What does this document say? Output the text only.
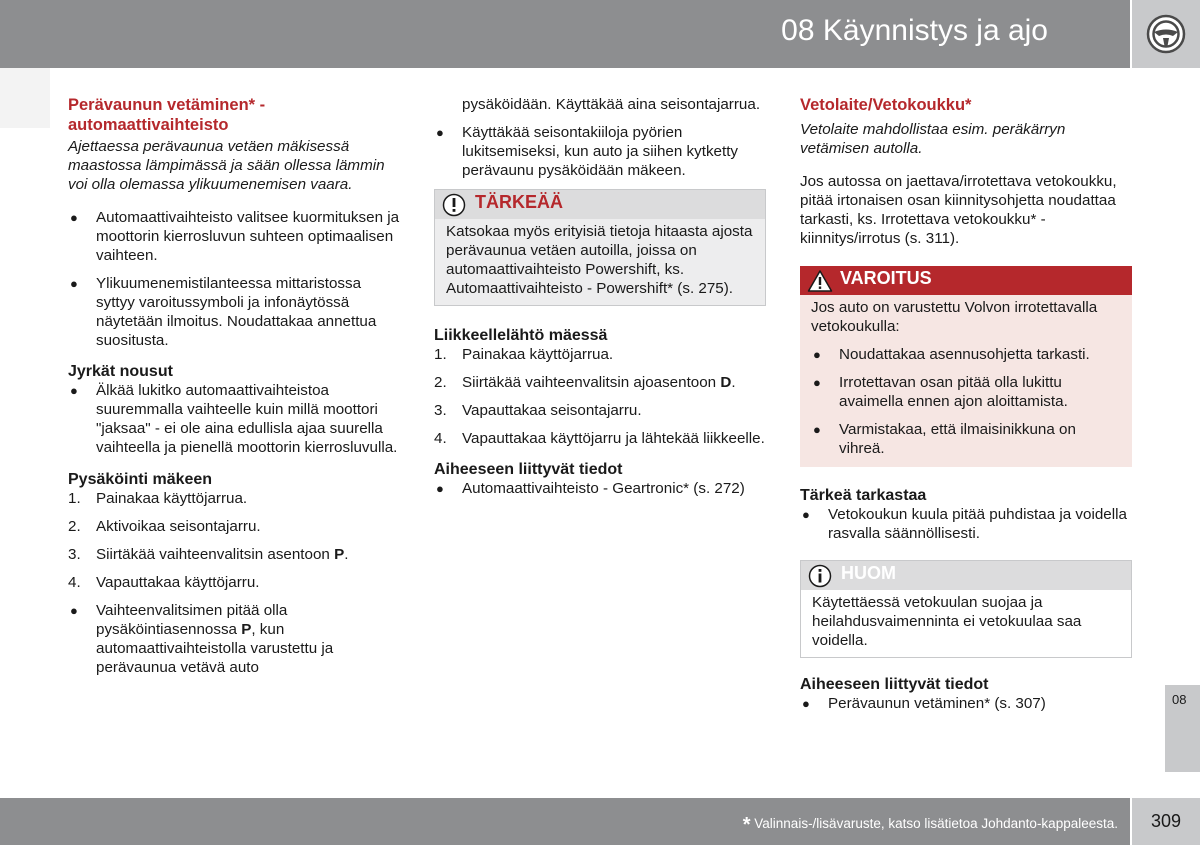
08 Käynnistys ja ajo

Perävaunun vetäminen* - automaattivaihteisto

Ajettaessa perävaunua vetäen mäkisessä maastossa lämpimässä ja sään ollessa lämmin voi olla olemassa ylikuumenemisen vaara.

● Automaattivaihteisto valitsee kuormituksen ja moottorin kierrosluvun suhteen optimaalisen vaihteen.
● Ylikuumenemistilanteessa mittaristossa syttyy varoitussymboli ja infonäytössä näytetään ilmoitus. Noudattakaa annettua suositusta.

Jyrkät nousut

● Älkää lukitko automaattivaihteistoa suuremmalla vaihteelle kuin millä moottori "jaksaa" - ei ole aina edullisla ajaa suurella vaihteella ja pienellä moottorin kierrosluvulla.

Pysäköinti mäkeen

1. Painakaa käyttöjarrua.
2. Aktivoikaa seisontajarru.
3. Siirtäkää vaihteenvalitsin asentoon P.
4. Vapauttakaa käyttöjarru.
● Vaihteenvalitsimen pitää olla pysäköintiasennossa P, kun automaattivaihteistolla varustettu ja perävaunua vetävä auto

pysäköidään. Käyttäkää aina seisontajarrua.

● Käyttäkää seisontakiiloja pyörien lukitsemiseksi, kun auto ja siihen kytketty perävaunu pysäköidään mäkeen.
TÄRKEÄÄ
Katsokaa myös erityisiä tietoja hitaasta ajosta perävaunua vetäen autoilla, joissa on automaattivaihteisto Powershift, ks. Automaattivaihteisto - Powershift* (s. 275).

Liikkeellelähtö mäessä

1. Painakaa käyttöjarrua.
2. Siirtäkää vaihteenvalitsin ajoasentoon D.
3. Vapauttakaa seisontajarru.
4. Vapauttakaa käyttöjarru ja lähtekää liikkeelle.

Aiheeseen liittyvät tiedot

● Automaattivaihteisto - Geartronic* (s. 272)

Vetolaite/Vetokoukku*

Vetolaite mahdollistaa esim. peräkärryn vetämisen autolla.

Jos autossa on jaettava/irrotettava vetokoukku, pitää irtonaisen osan kiinnitysohjetta noudattaa tarkasti, ks. Irrotettava vetokoukku* - kiinnitys/irrotus (s. 311).

VAROITUS

Jos auto on varustettu Volvon irrotettavalla vetokoukulla:

● Noudattakaa asennusohjetta tarkasti.
● Irrotettavan osan pitää olla lukittu avaimella ennen ajon aloittamista.
● Varmistakaa, että ilmaisinikkuna on vihreä.

Tärkeä tarkastaa

● Vetokoukun kuula pitää puhdistaa ja voidella rasvalla säännöllisesti.
HUOM
Käytettäessä vetokuulan suojaa ja heilahdusvaimenninta ei vetokuulaa saa voidella.

Aiheeseen liittyvät tiedot

● Perävaunun vetäminen* (s. 307)	08
* Valinnais-/lisävaruste, katso lisätietoa Johdanto-kappaleesta.	309
